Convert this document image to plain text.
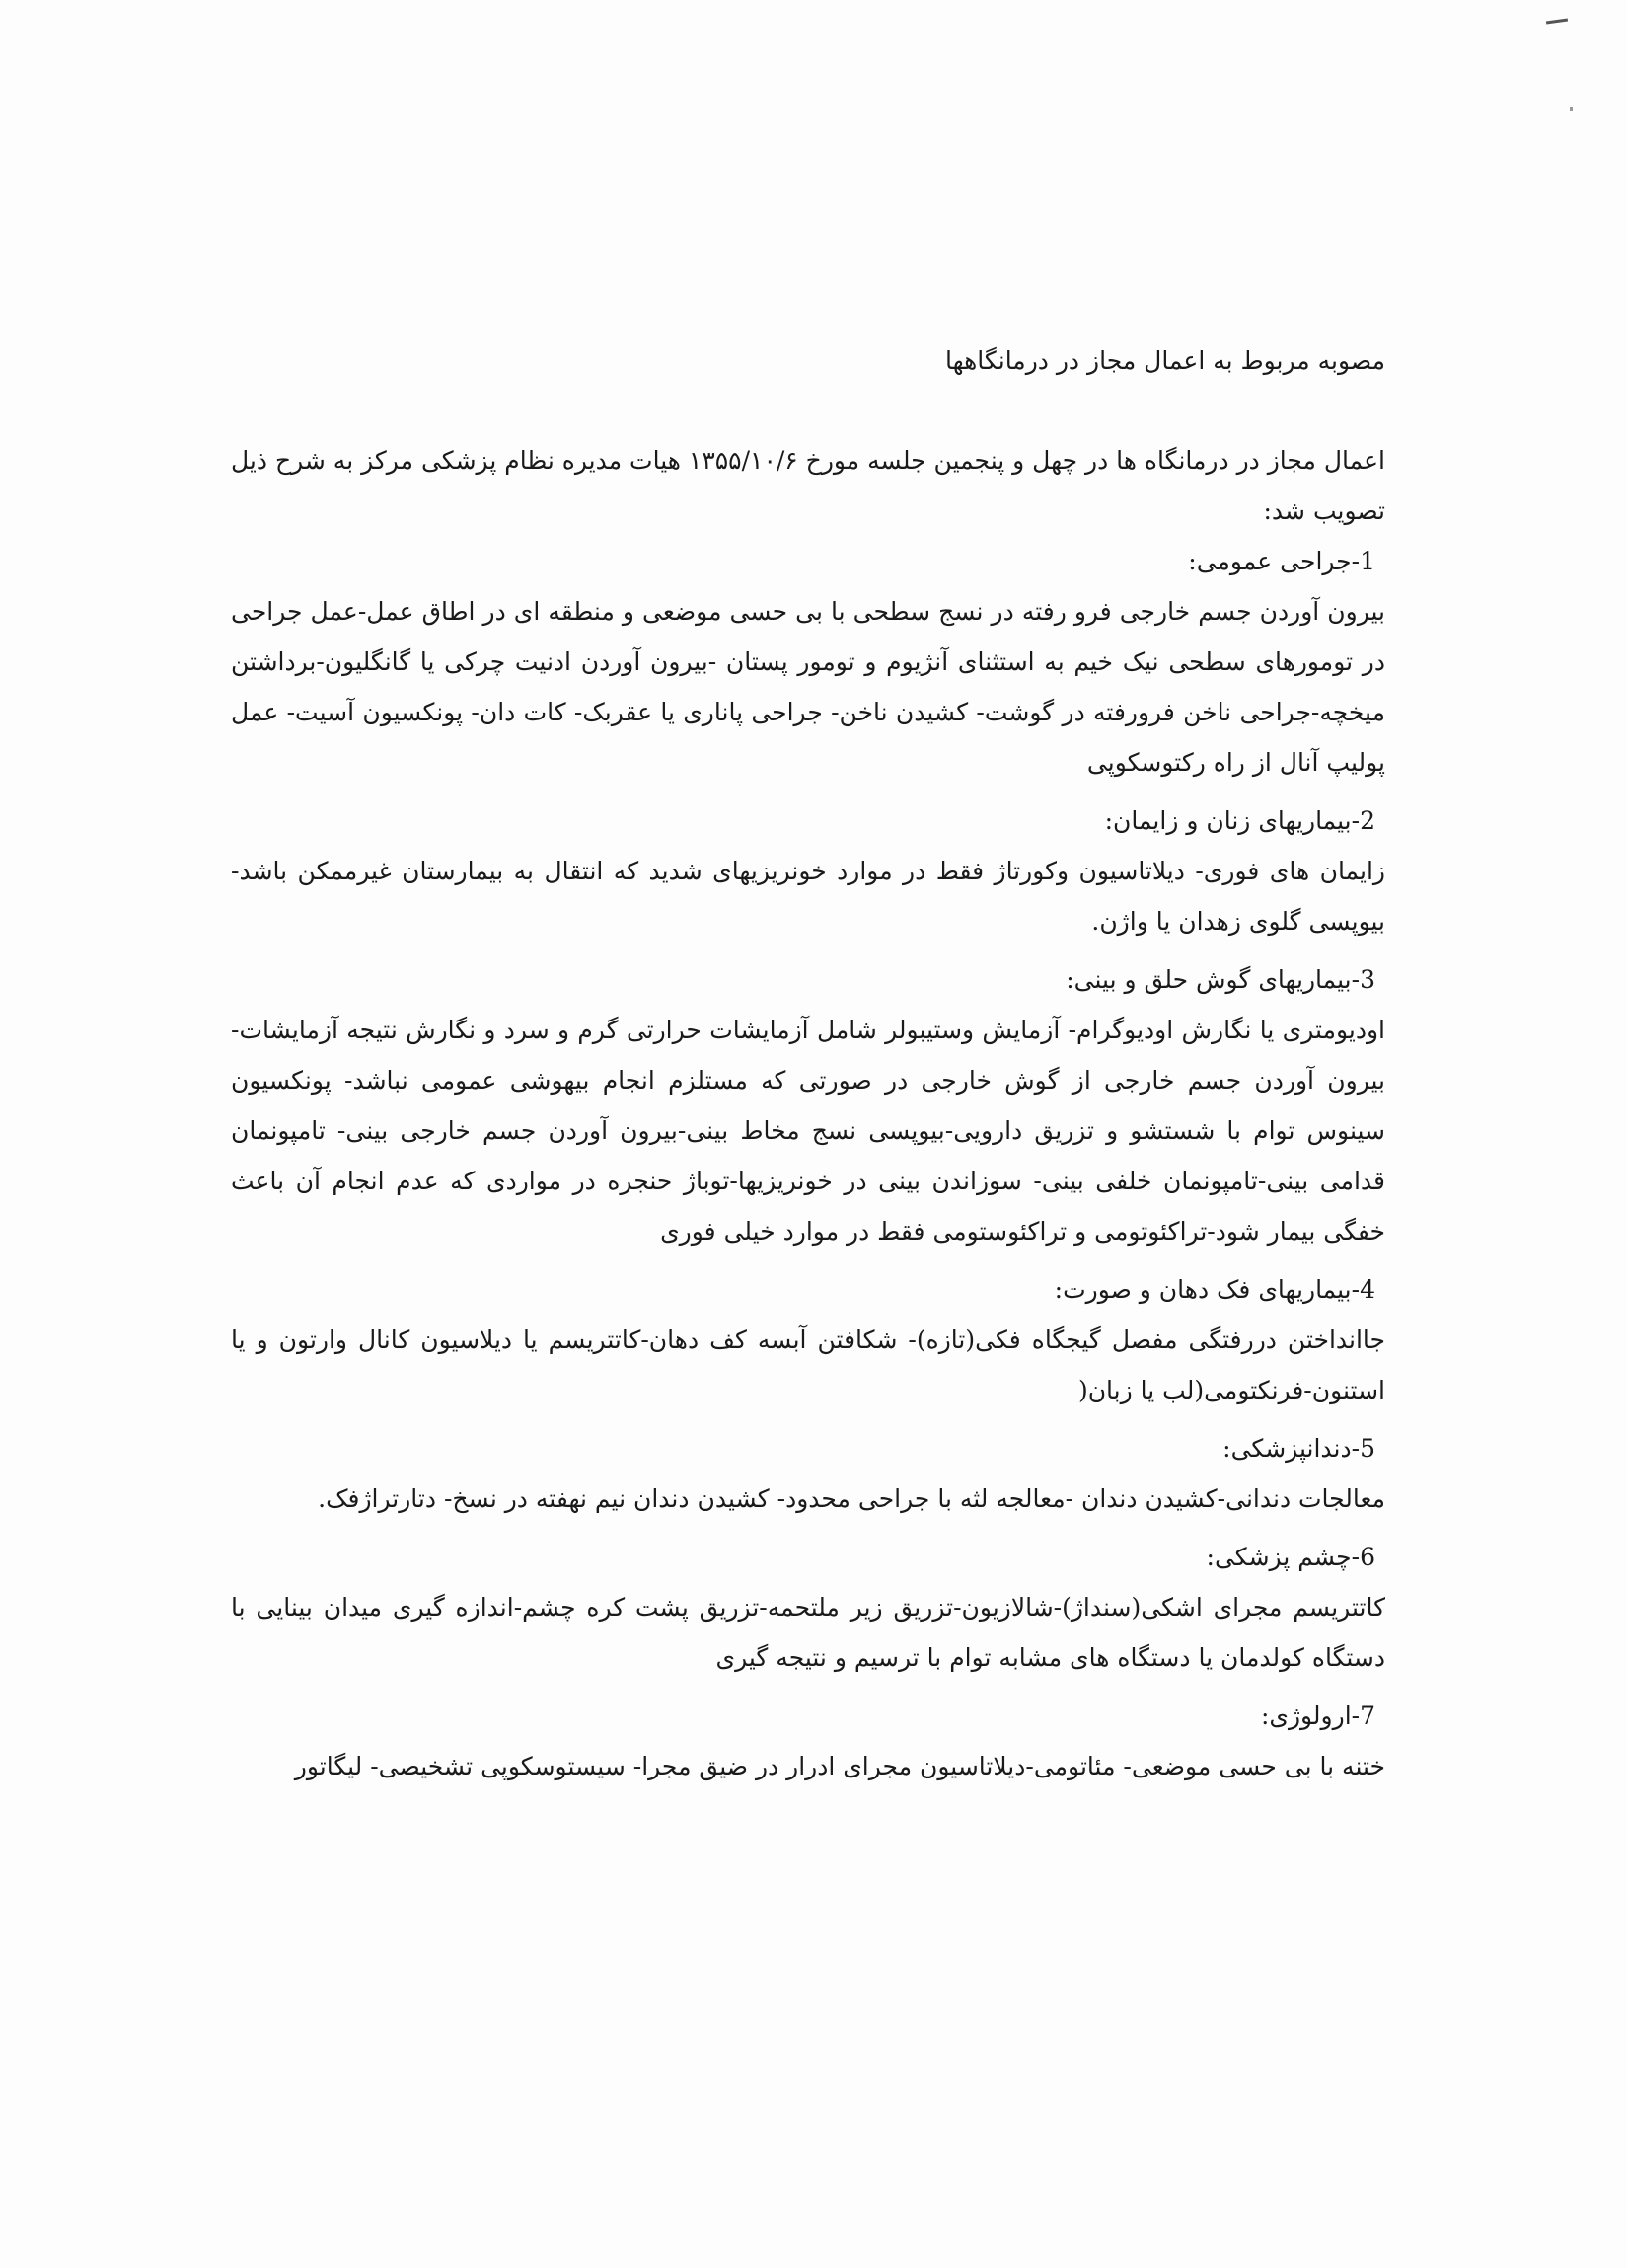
مصوبه مربوط به اعمال مجاز در درمانگاهها

اعمال مجاز در درمانگاه ها در چهل و پنجمین جلسه مورخ ۱۳۵۵/۱۰/۶ هیات مدیره نظام پزشکی مرکز به شرح ذیل تصویب شد:

-1جراحی عمومی:

بیرون آوردن جسم خارجی فرو رفته در نسج سطحی با بی حسی موضعی و منطقه ای در اطاق عمل-عمل جراحی در تومورهای سطحی نیک خیم به استثنای آنژیوم و تومور پستان -بیرون آوردن ادنیت چرکی یا گانگلیون-برداشتن میخچه-جراحی ناخن فرورفته در گوشت- کشیدن ناخن- جراحی پاناری یا عقربک- کات دان- پونکسیون آسیت- عمل پولیپ آنال از راه رکتوسکوپی

-2بیماریهای زنان و زایمان:

زایمان های فوری- دیلاتاسیون وکورتاژ فقط در موارد خونریزیهای شدید که انتقال به بیمارستان غیرممکن باشد-بیوپسی گلوی زهدان یا واژن.

-3بیماریهای گوش حلق و بینی:

اودیومتری یا نگارش اودیوگرام- آزمایش وستیبولر شامل آزمایشات حرارتی گرم و سرد و نگارش نتیجه آزمایشات- بیرون آوردن جسم خارجی از گوش خارجی در صورتی که مستلزم انجام بیهوشی عمومی نباشد- پونکسیون سینوس توام با شستشو و تزریق دارویی-بیوپسی نسج مخاط بینی-بیرون آوردن جسم خارجی بینی- تامپونمان قدامی بینی-تامپونمان خلفی بینی- سوزاندن بینی در خونریزیها-توباژ حنجره در مواردی که عدم انجام آن باعث خفگی بیمار شود-تراکئوتومی و تراکئوستومی فقط در موارد خیلی فوری

-4بیماریهای فک دهان و صورت:

جاانداختن دررفتگی مفصل گیجگاه فکی(تازه)- شکافتن آبسه کف دهان-کاتتریسم یا دیلاسیون کانال وارتون و یا استنون-فرنکتومی(لب یا زبان(

-5دندانپزشکی:

معالجات دندانی-کشیدن دندان -معالجه لثه با جراحی محدود- کشیدن دندان نیم نهفته در نسخ- دتارتراژفک.

-6چشم پزشکی:

کاتتریسم مجرای اشکی(سنداژ)-شالازیون-تزریق زیر ملتحمه-تزریق پشت کره چشم-اندازه گیری میدان بینایی با دستگاه کولدمان یا دستگاه های مشابه توام با ترسیم و نتیجه گیری

-7ارولوژی:

ختنه با بی حسی موضعی- مئاتومی-دیلاتاسیون مجرای ادرار در ضیق مجرا- سیستوسکوپی تشخیصی- لیگاتور
